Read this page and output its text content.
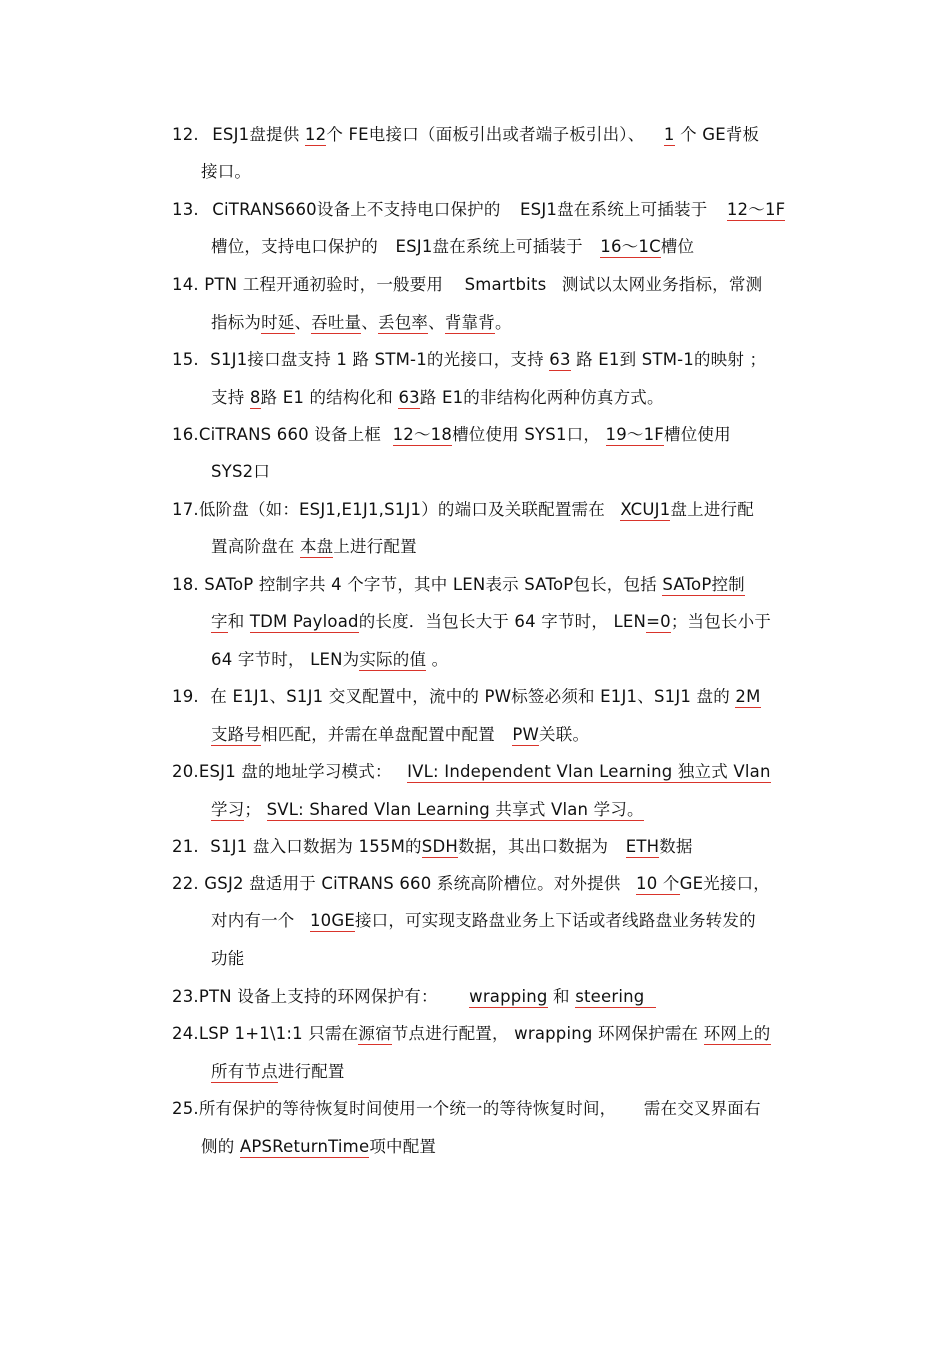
12. ESJ1盘提供 12个 FE电接口（面板引出或者端子板引出）、 1 个 GE背板
接口。
13. CiTRANS660设备上不支持电口保护的 ESJ1盘在系统上可插装于 12～1F
槽位，支持电口保护的 ESJ1盘在系统上可插装于 16～1C槽位
14. PTN 工程开通初验时，一般要用 Smartbits 测试以太网业务指标，常测
指标为时延、吞吐量、丢包率、背靠背。
15. S1J1接口盘支持 1 路 STM-1的光接口，支持 63 路 E1到 STM-1的映射 ；
支持 8路 E1 的结构化和 63路 E1的非结构化两种仿真方式。
16.CiTRANS 660 设备上框 12～18槽位使用 SYS1口， 19～1F槽位使用
SYS2口
17.低阶盘（如：ESJ1,E1J1,S1J1）的端口及关联配置需在 XCUJ1盘上进行配
置高阶盘在 本盘上进行配置
18. SAToP 控制字共 4 个字节，其中 LEN表示 SAToP包长，包括 SAToP控制
字和 TDM Payload的长度．当包长大于 64 字节时， LEN=0；当包长小于
64 字节时， LEN为实际的值 。
19. 在 E1J1、S1J1 交叉配置中，流中的 PW标签必须和 E1J1、S1J1 盘的 2M
支路号相匹配，并需在单盘配置中配置 PW关联。
20.ESJ1 盘的地址学习模式： IVL: Independent Vlan Learning 独立式 Vlan
学习； SVL: Shared Vlan Learning 共享式 Vlan 学习。
21. S1J1 盘入口数据为 155M的SDH数据，其出口数据为 ETH数据
22. GSJ2 盘适用于 CiTRANS 660 系统高阶槽位。对外提供 10 个GE光接口，
对内有一个 10GE接口，可实现支路盘业务上下话或者线路盘业务转发的
功能
23.PTN 设备上支持的环网保护有： wrapping 和 steering
24.LSP 1+1\1:1 只需在源宿节点进行配置， wrapping 环网保护需在 环网上的
所有节点进行配置
25.所有保护的等待恢复时间使用一个统一的等待恢复时间， 需在交叉界面右
侧的 APSReturnTime项中配置
